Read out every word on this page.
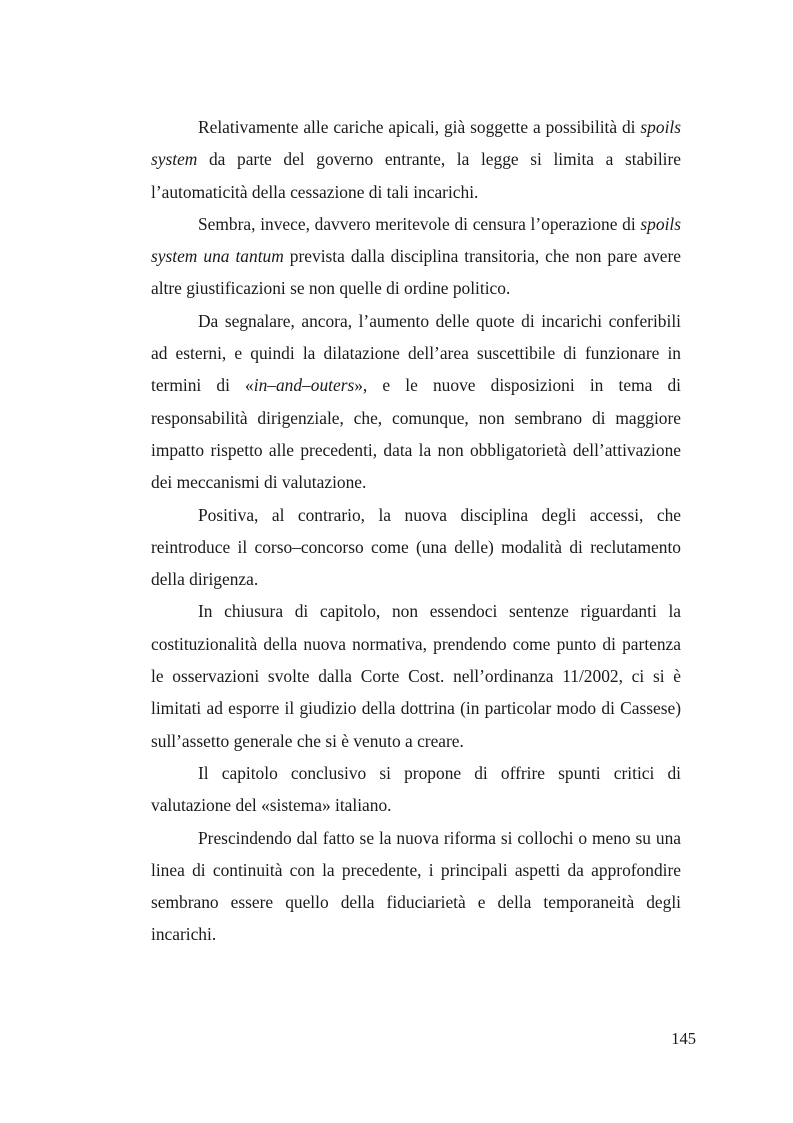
Relativamente alle cariche apicali, già soggette a possibilità di spoils system da parte del governo entrante, la legge si limita a stabilire l’automaticità della cessazione di tali incarichi.

Sembra, invece, davvero meritevole di censura l’operazione di spoils system una tantum prevista dalla disciplina transitoria, che non pare avere altre giustificazioni se non quelle di ordine politico.

Da segnalare, ancora, l’aumento delle quote di incarichi conferibili ad esterni, e quindi la dilatazione dell’area suscettibile di funzionare in termini di «in–and–outers», e le nuove disposizioni in tema di responsabilità dirigenziale, che, comunque, non sembrano di maggiore impatto rispetto alle precedenti, data la non obbligatorietà dell’attivazione dei meccanismi di valutazione.

Positiva, al contrario, la nuova disciplina degli accessi, che reintroduce il corso–concorso come (una delle) modalità di reclutamento della dirigenza.

In chiusura di capitolo, non essendoci sentenze riguardanti la costituzionalità della nuova normativa, prendendo come punto di partenza le osservazioni svolte dalla Corte Cost. nell’ordinanza 11/2002, ci si è limitati ad esporre il giudizio della dottrina (in particolar modo di Cassese) sull’assetto generale che si è venuto a creare.

Il capitolo conclusivo si propone di offrire spunti critici di valutazione del «sistema» italiano.

Prescindendo dal fatto se la nuova riforma si collochi o meno su una linea di continuità con la precedente, i principali aspetti da approfondire sembrano essere quello della fiduciarietà e della temporaneità degli incarichi.

145
